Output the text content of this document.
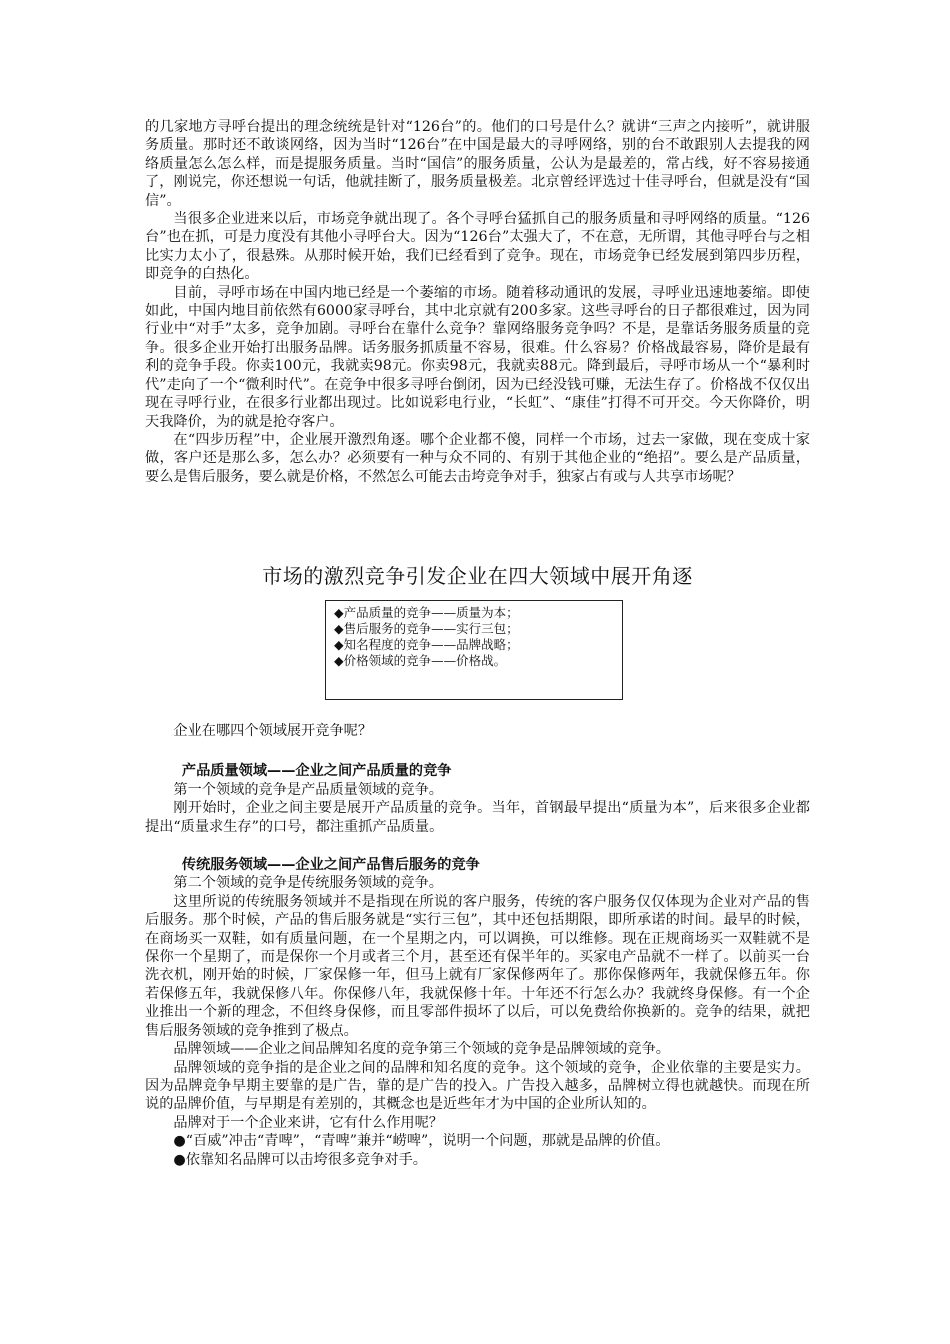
的几家地方寻呼台提出的理念统统是针对“126台”的。他们的口号是什么？就讲“三声之内接听”，就讲服务质量。那时还不敢谈网络，因为当时“126台”在中国是最大的寻呼网络，别的台不敢跟别人去提我的网络质量怎么怎么样，而是提服务质量。当时“国信”的服务质量，公认为是最差的，常占线，好不容易接通了，刚说完，你还想说一句话，他就挂断了，服务质量极差。北京曾经评选过十佳寻呼台，但就是没有“国信”。

当很多企业进来以后，市场竞争就出现了。各个寻呼台猛抓自己的服务质量和寻呼网络的质量。“126台”也在抓，可是力度没有其他小寻呼台大。因为“126台”太强大了，不在意，无所谓，其他寻呼台与之相比实力太小了，很悬殊。从那时候开始，我们已经看到了竞争。现在，市场竞争已经发展到第四步历程，即竞争的白热化。

目前，寻呼市场在中国内地已经是一个萎缩的市场。随着移动通讯的发展，寻呼业迅速地萎缩。即使如此，中国内地目前依然有6000家寻呼台，其中北京就有200多家。这些寻呼台的日子都很难过，因为同行业中“对手”太多，竞争加剧。寻呼台在靠什么竞争？靠网络服务竞争吗？不是，是靠话务服务质量的竞争。很多企业开始打出服务品牌。话务服务抓质量不容易，很难。什么容易？价格战最容易，降价是最有利的竞争手段。你卖100元，我就卖98元。你卖98元，我就卖88元。降到最后，寻呼市场从一个“暴利时代”走向了一个“微利时代”。在竞争中很多寻呼台倒闭，因为已经没钱可赚，无法生存了。价格战不仅仅出现在寻呼行业，在很多行业都出现过。比如说彩电行业，“长虹”、“康佳”打得不可开交。今天你降价，明天我降价，为的就是抢夺客户。

在“四步历程”中，企业展开激烈角逐。哪个企业都不傻，同样一个市场，过去一家做，现在变成十家做，客户还是那么多，怎么办？必须要有一种与众不同的、有别于其他企业的“绝招”。要么是产品质量，要么是售后服务，要么就是价格，不然怎么可能去击垮竞争对手，独家占有或与人共享市场呢？

市场的激烈竞争引发企业在四大领域中展开角逐
◆产品质量的竞争——质量为本；
◆售后服务的竞争——实行三包；
◆知名程度的竞争——品牌战略；
◆价格领域的竞争——价格战。

企业在哪四个领域展开竞争呢？

产品质量领域——企业之间产品质量的竞争

第一个领域的竞争是产品质量领域的竞争。

刚开始时，企业之间主要是展开产品质量的竞争。当年，首钢最早提出“质量为本”，后来很多企业都提出“质量求生存”的口号，都注重抓产品质量。

传统服务领域——企业之间产品售后服务的竞争

第二个领域的竞争是传统服务领域的竞争。

这里所说的传统服务领域并不是指现在所说的客户服务，传统的客户服务仅仅体现为企业对产品的售后服务。那个时候，产品的售后服务就是“实行三包”，其中还包括期限，即所承诺的时间。最早的时候，在商场买一双鞋，如有质量问题，在一个星期之内，可以调换，可以维修。现在正规商场买一双鞋就不是保你一个星期了，而是保你一个月或者三个月，甚至还有保半年的。买家电产品就不一样了。以前买一台洗衣机，刚开始的时候，厂家保修一年，但马上就有厂家保修两年了。那你保修两年，我就保修五年。你若保修五年，我就保修八年。你保修八年，我就保修十年。十年还不行怎么办？我就终身保修。有一个企业推出一个新的理念，不但终身保修，而且零部件损坏了以后，可以免费给你换新的。竞争的结果，就把售后服务领域的竞争推到了极点。

品牌领域——企业之间品牌知名度的竞争第三个领域的竞争是品牌领域的竞争。

品牌领域的竞争指的是企业之间的品牌和知名度的竞争。这个领域的竞争，企业依靠的主要是实力。因为品牌竞争早期主要靠的是广告，靠的是广告的投入。广告投入越多，品牌树立得也就越快。而现在所说的品牌价值，与早期是有差别的，其概念也是近些年才为中国的企业所认知的。

品牌对于一个企业来讲，它有什么作用呢？

●“百威”冲击“青啤”，“青啤”兼并“崂啤”，说明一个问题，那就是品牌的价值。

●依靠知名品牌可以击垮很多竞争对手。
